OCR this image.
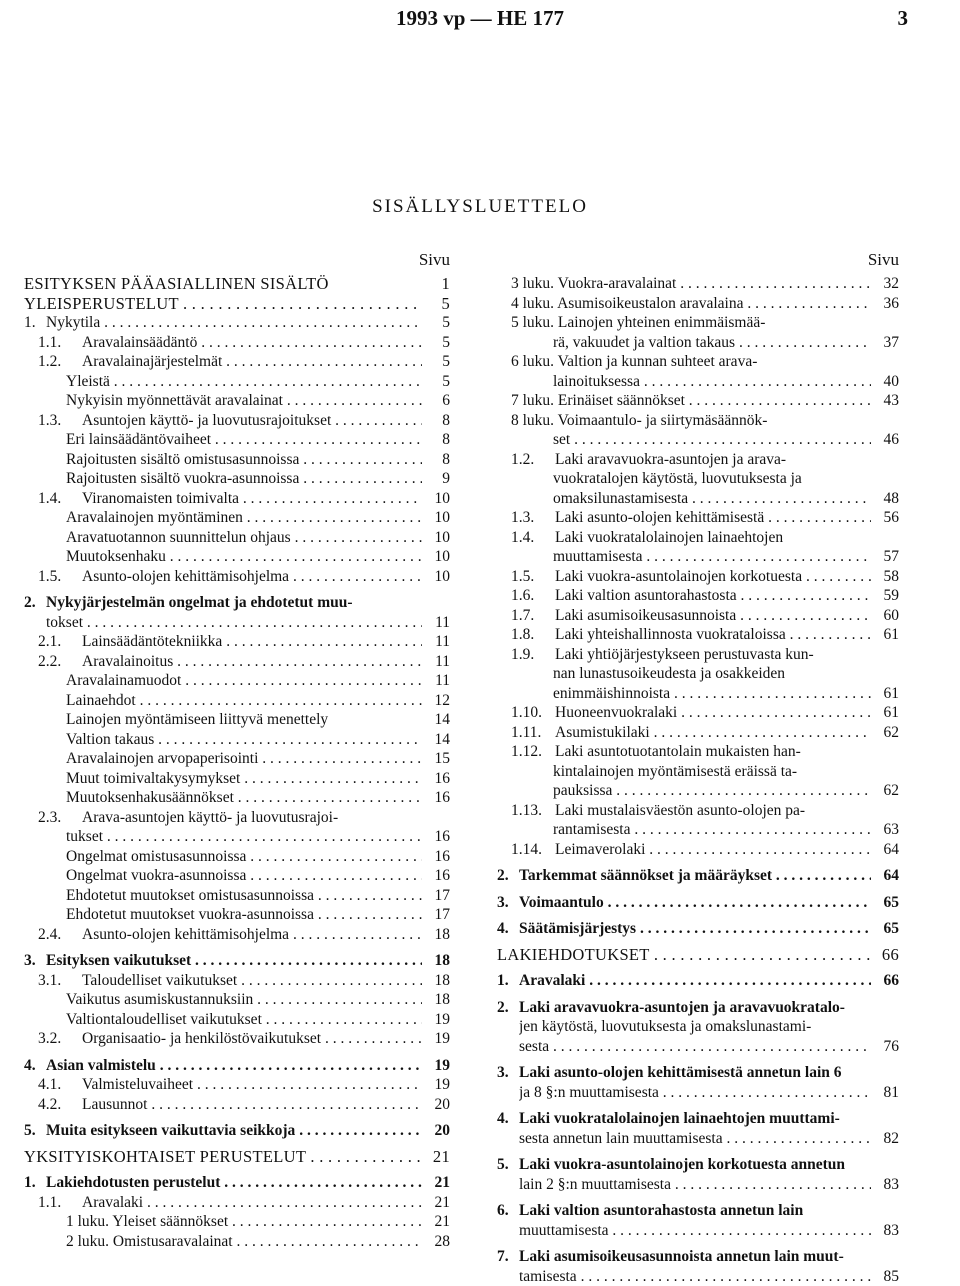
1993 vp — HE 177	3
SISÄLLYSLUETTELO
Sivu
ESITYKSEN PÄÄASIALLINEN SISÄLTÖ	1
YLEISPERUSTELUT . . .	5
1. Nykytila . . .	5
1.1.	Aravalainsäädäntö . . .	5
1.2.	Aravalainajärjestelmät . . .	5
Yleistä . . .	5
Nykyisin myönnettävät aravalainat . . .	6
1.3.	Asuntojen käyttö- ja luovutusrajoitukset . . .	8
Eri lainsäädäntövaiheet . . .	8
Rajoitusten sisältö omistusasunnoissa . . .	8
Rajoitusten sisältö vuokra-asunnoissa . . .	9
1.4.	Viranomaisten toimivalta . . .	10
Aravalainojen myöntäminen . . .	10
Aravatuotannon suunnittelun ohjaus . . .	10
Muutoksenhaku . . .	10
1.5.	Asunto-olojen kehittämisohjelma . . .	10
2. Nykyjärjestelmän ongelmat ja ehdotetut muu-
tokset . . .	11
2.1.	Lainsäädäntötekniikka . . .	11
2.2.	Aravalainoitus . . .	11
Aravalainamuodot . . .	11
Lainaehdot . . .	12
Lainojen myöntämiseen liittyvä menettely	14
Valtion takaus . . .	14
Aravalainojen arvopaperisointi . . .	15
Muut toimivaltakysymykset . . .	16
Muutoksenhakusäännökset . . .	16
2.3.	Arava-asuntojen käyttö- ja luovutusrajoi-
tukset . . .	16
Ongelmat omistusasunnoissa . . .	16
Ongelmat vuokra-asunnoissa . . .	16
Ehdotetut muutokset omistusasunnoissa . . .	17
Ehdotetut muutokset vuokra-asunnoissa . . .	17
2.4.	Asunto-olojen kehittämisohjelma . . .	18
3. Esityksen vaikutukset . . .	18
3.1.	Taloudelliset vaikutukset . . .	18
Vaikutus asumiskustannuksiin . . .	18
Valtiontaloudelliset vaikutukset . . .	19
3.2.	Organisaatio- ja henkilöstövaikutukset . . .	19
4. Asian valmistelu . . .	19
4.1.	Valmisteluvaiheet . . .	19
4.2.	Lausunnot . . .	20
5. Muita esitykseen vaikuttavia seikkoja . . .	20
YKSITYISKOHTAISET PERUSTELUT . . .	21
1. Lakiehdotusten perustelut . . .	21
1.1.	Aravalaki . . .	21
1 luku. Yleiset säännökset . . .	21
2 luku. Omistusaravalainat . . .	28
Sivu
3 luku. Vuokra-aravalainat . . .	32
4 luku. Asumisoikeustalon aravalaina . . .	36
5 luku. Lainojen yhteinen enimmäismää-
rä, vakuudet ja valtion takaus . . .	37
6 luku. Valtion ja kunnan suhteet arava-
lainoituksessa . . .	40
7 luku. Erinäiset säännökset . . .	43
8 luku. Voimaantulo- ja siirtymäsäännök-
set . . .	46
1.2.	Laki aravavuokra-asuntojen ja arava-
vuokratalojen käytöstä, luovutuksesta ja
omaksilunastamisesta . . .	48
1.3.	Laki asunto-olojen kehittämisestä . . .	56
1.4.	Laki vuokratalolainojen lainaehtojen
muuttamisesta . . .	57
1.5.	Laki vuokra-asuntolainojen korkotuesta . . .	58
1.6.	Laki valtion asuntorahastosta . . .	59
1.7.	Laki asumisoikeusasunnoista . . .	60
1.8.	Laki yhteishallinnosta vuokrataloissa . . .	61
1.9.	Laki yhtiöjärjestykseen perustuvasta kun-
nan lunastusoikeudesta ja osakkeiden
enimmäishinnoista . . .	61
1.10. Huoneenvuokralaki . . .	61
1.11. Asumistukilaki . . .	62
1.12. Laki asuntotuotantolain mukaisten han-
kintalainojen myöntämisestä eräissä ta-
pauksissa . . .	62
1.13. Laki mustalaisväestön asunto-olojen pa-
rantamisesta . . .	63
1.14. Leimaverolaki . . .	64
2. Tarkemmat säännökset ja määräykset . . .	64
3. Voimaantulo . . .	65
4. Säätämisjärjestys . . .	65
LAKIEHDOTUKSET . . .	66
1. Aravalaki . . .	66
2. Laki aravavuokra-asuntojen ja aravavuokratalo-
jen käytöstä, luovutuksesta ja omakslunastami-
sesta . . .	76
3. Laki asunto-olojen kehittämisestä annetun lain 6
ja 8 §:n muuttamisesta . . .	81
4. Laki vuokratalolainojen lainaehtojen muuttami-
sesta annetun lain muuttamisesta . . .	82
5. Laki vuokra-asuntolainojen korkotuesta annetun
lain 2 §:n muuttamisesta . . .	83
6. Laki valtion asuntorahastosta annetun lain
muuttamisesta . . .	83
7. Laki asumisoikeusasunnoista annetun lain muut-
tamisesta . . .	85
